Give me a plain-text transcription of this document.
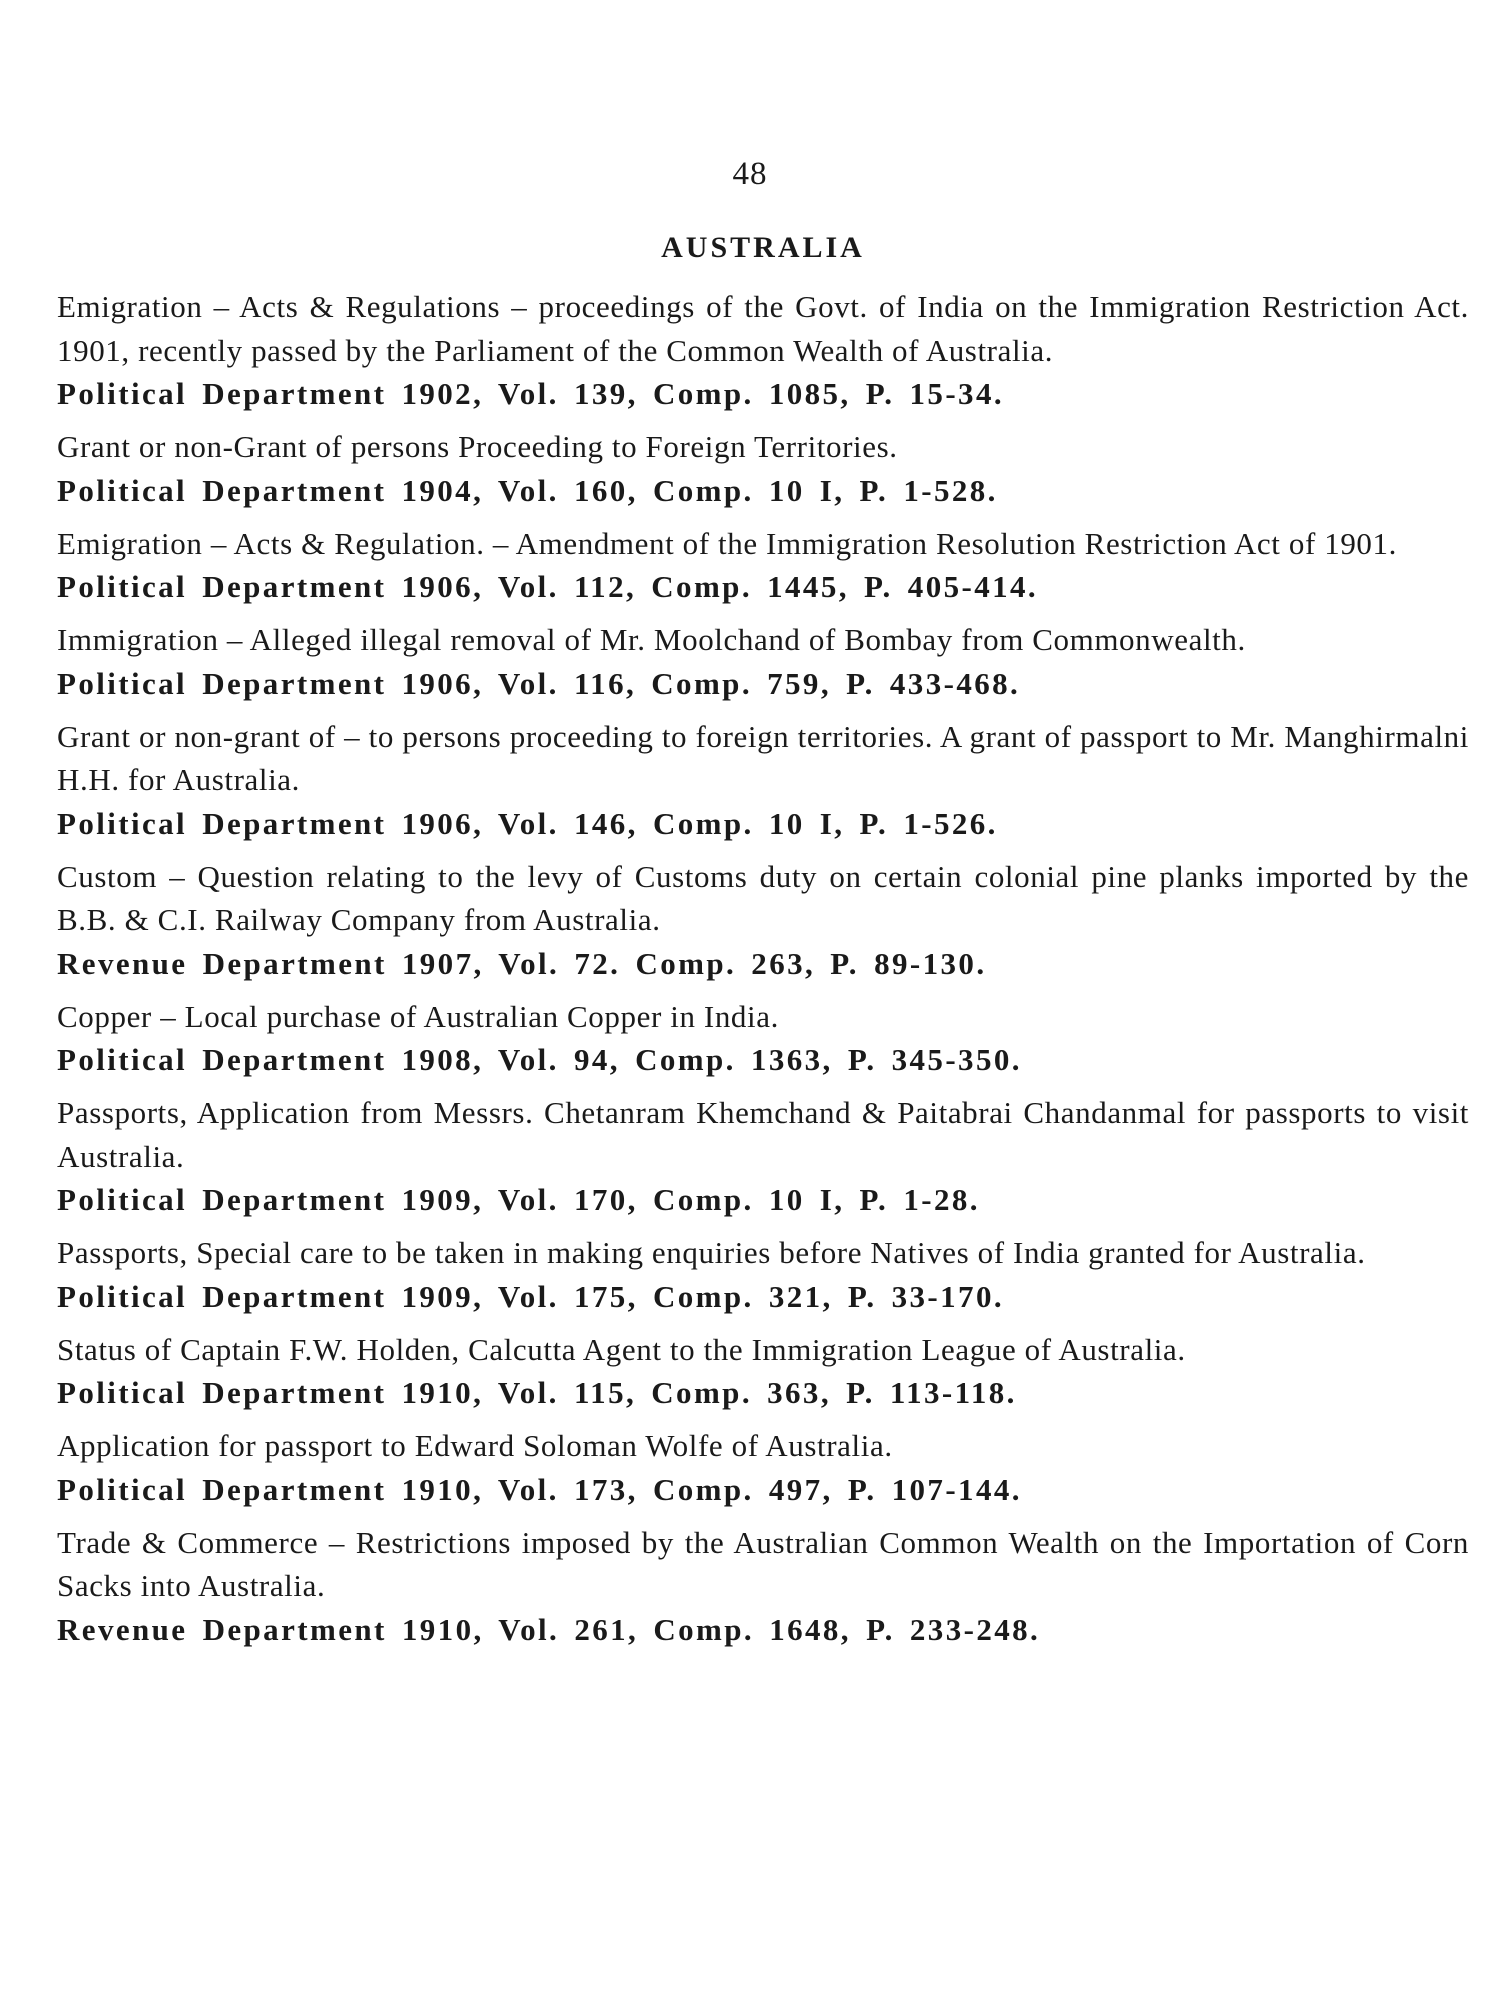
48
AUSTRALIA

Emigration – Acts & Regulations – proceedings of the Govt. of India on the Immigration Restriction Act. 1901, recently passed by the Parliament of the Common Wealth of Australia.

Political Department 1902, Vol. 139, Comp. 1085, P. 15-34.

Grant or non-Grant of persons Proceeding to Foreign Territories.

Political Department 1904, Vol. 160, Comp. 10 I, P. 1-528.

Emigration – Acts & Regulation. – Amendment of the Immigration Resolution Restriction Act of 1901.

Political Department 1906, Vol. 112, Comp. 1445, P. 405-414.

Immigration – Alleged illegal removal of Mr. Moolchand of Bombay from Commonwealth.

Political Department 1906, Vol. 116, Comp. 759, P. 433-468.

Grant or non-grant of – to persons proceeding to foreign territories. A grant of passport to Mr. Manghirmalni H.H. for Australia.

Political Department 1906, Vol. 146, Comp. 10 I, P. 1-526.

Custom – Question relating to the levy of Customs duty on certain colonial pine planks imported by the B.B. & C.I. Railway Company from Australia.

Revenue Department 1907, Vol. 72. Comp. 263, P. 89-130.

Copper – Local purchase of Australian Copper in India.

Political Department 1908, Vol. 94, Comp. 1363, P. 345-350.

Passports, Application from Messrs. Chetanram Khemchand & Paitabrai Chandanmal for passports to visit Australia.

Political Department 1909, Vol. 170, Comp. 10 I, P. 1-28.

Passports, Special care to be taken in making enquiries before Natives of India granted for Australia.

Political Department 1909, Vol. 175, Comp. 321, P. 33-170.

Status of Captain F.W. Holden, Calcutta Agent to the Immigration League of Australia.

Political Department 1910, Vol. 115, Comp. 363, P. 113-118.

Application for passport to Edward Soloman Wolfe of Australia.

Political Department 1910, Vol. 173, Comp. 497, P. 107-144.

Trade & Commerce – Restrictions imposed by the Australian Common Wealth on the Importation of Corn Sacks into Australia.

Revenue Department 1910, Vol. 261, Comp. 1648, P. 233-248.
